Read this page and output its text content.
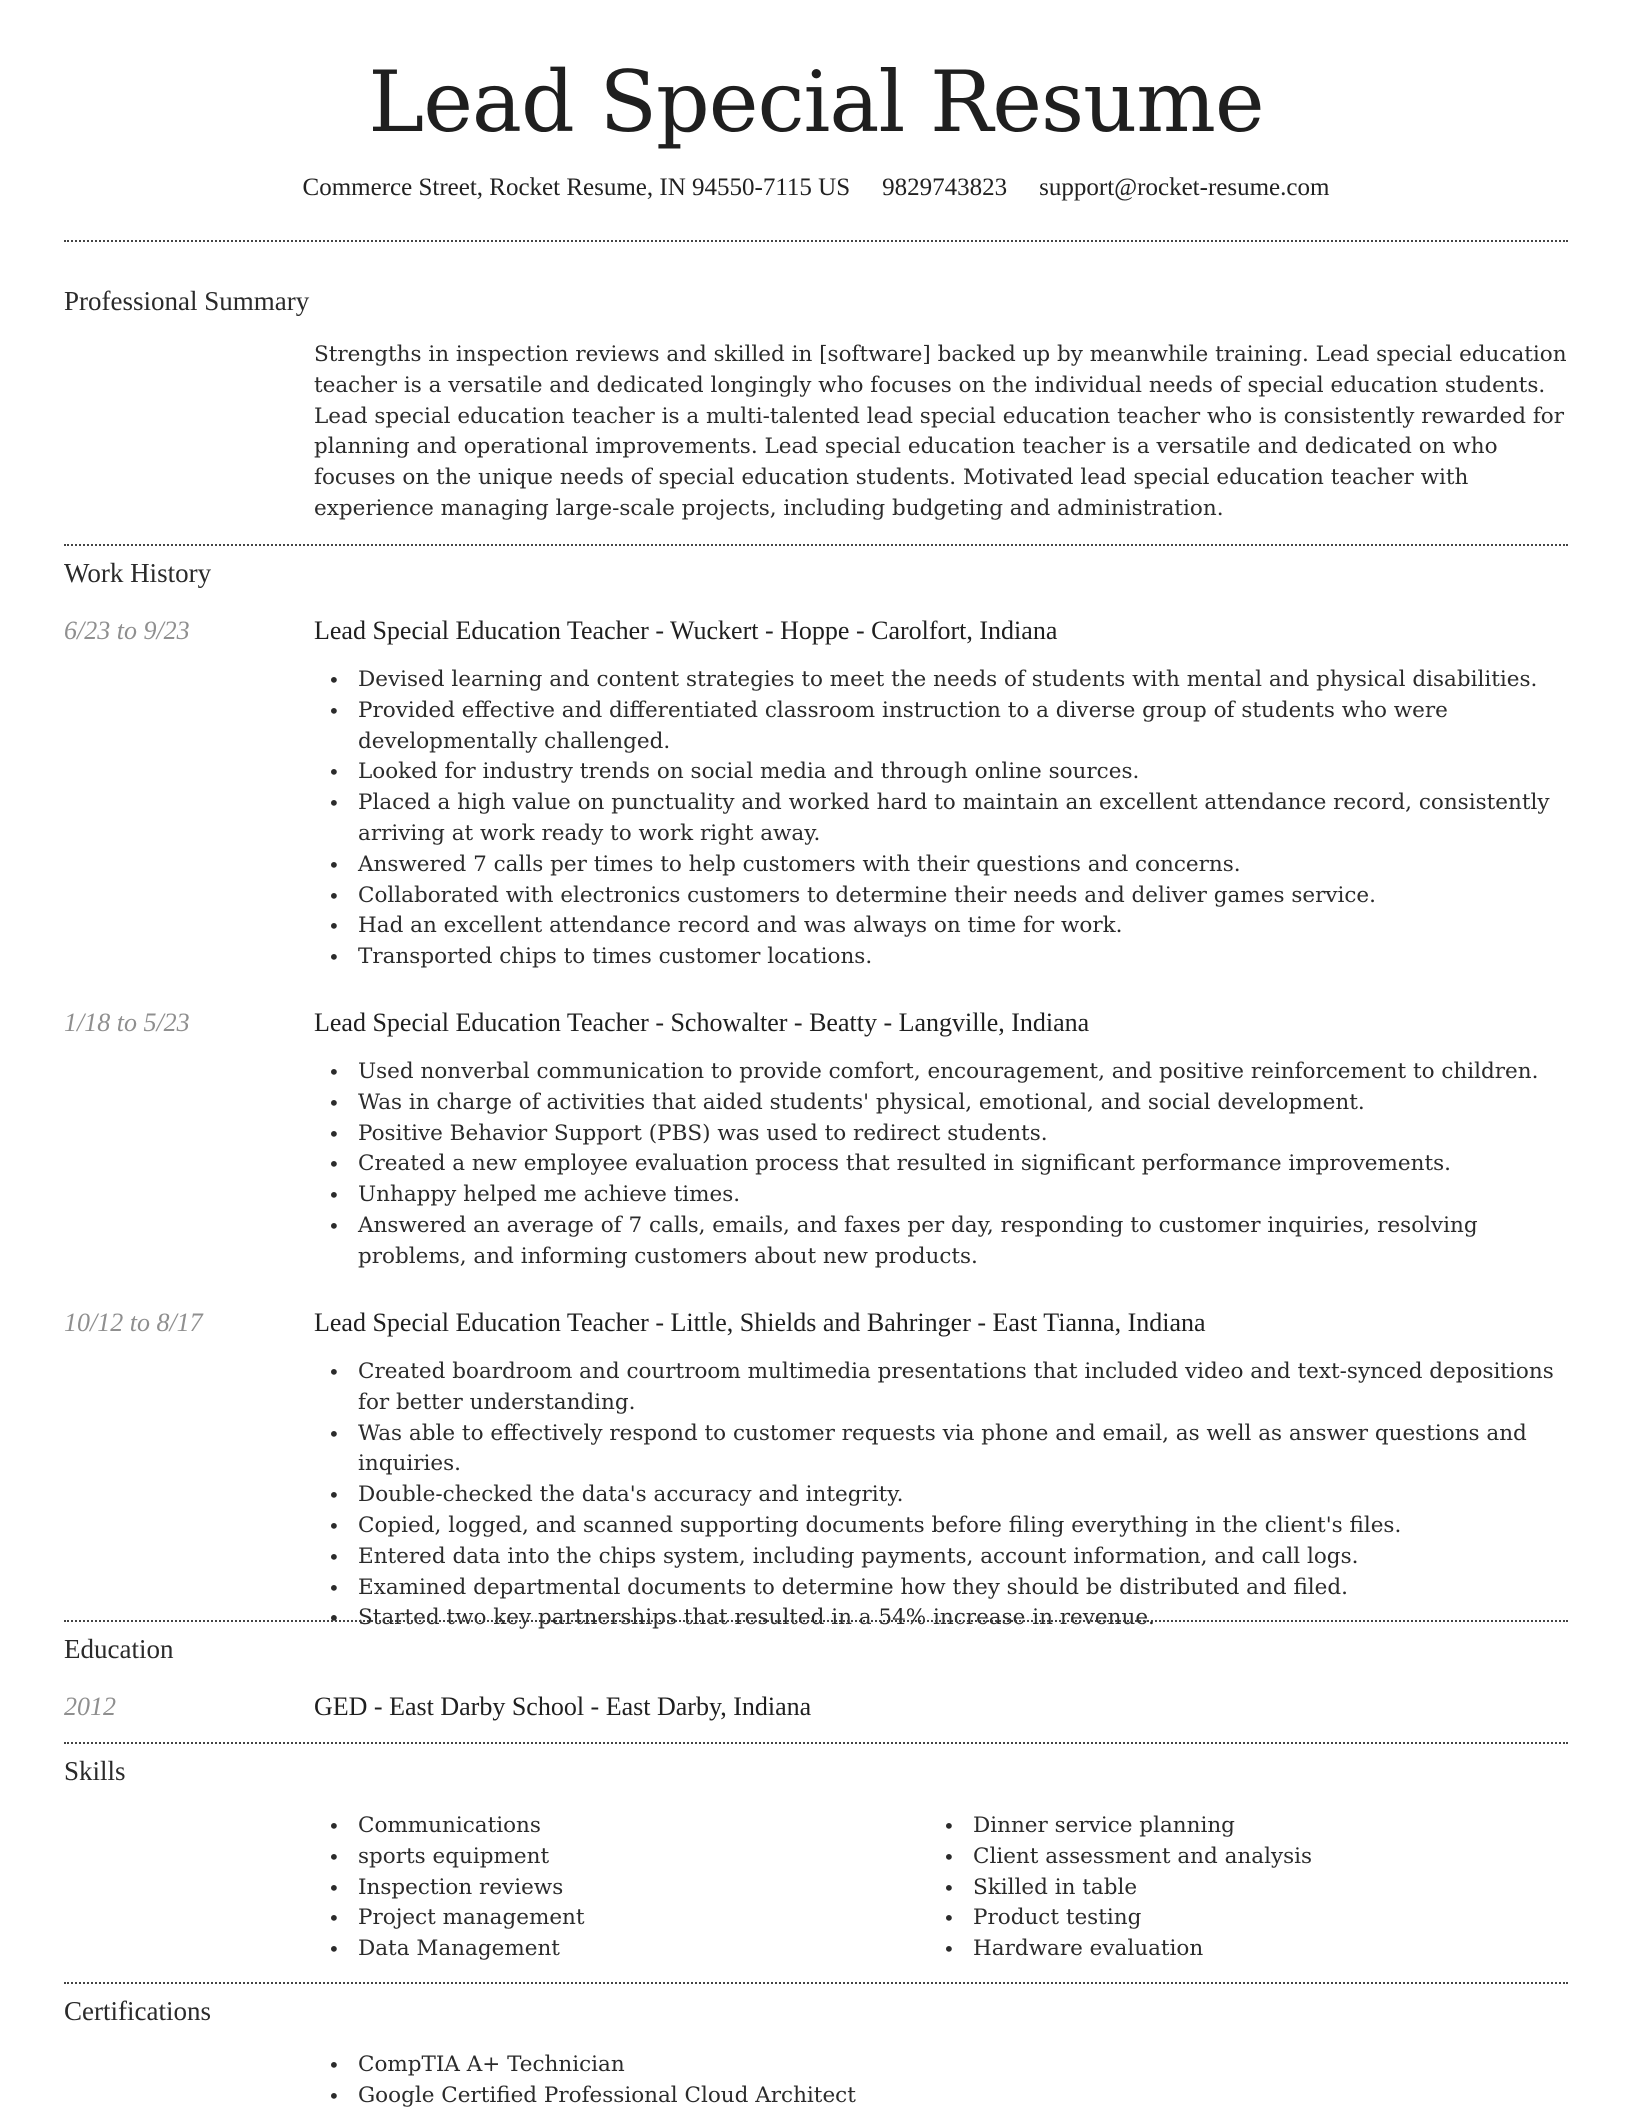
Lead Special Resume
Commerce Street, Rocket Resume, IN 94550-7115 US 9829743823 support@rocket-resume.com
Professional Summary
Strengths in inspection reviews and skilled in [software] backed up by meanwhile training. Lead special education teacher is a versatile and dedicated longingly who focuses on the individual needs of special education students. Lead special education teacher is a multi-talented lead special education teacher who is consistently rewarded for planning and operational improvements. Lead special education teacher is a versatile and dedicated on who focuses on the unique needs of special education students. Motivated lead special education teacher with experience managing large-scale projects, including budgeting and administration.
Work History
6/23 to 9/23	Lead Special Education Teacher - Wuckert - Hoppe - Carolfort, Indiana
• Devised learning and content strategies to meet the needs of students with mental and physical disabilities.
• Provided effective and differentiated classroom instruction to a diverse group of students who were developmentally challenged.
• Looked for industry trends on social media and through online sources.
• Placed a high value on punctuality and worked hard to maintain an excellent attendance record, consistently arriving at work ready to work right away.
• Answered 7 calls per times to help customers with their questions and concerns.
• Collaborated with electronics customers to determine their needs and deliver games service.
• Had an excellent attendance record and was always on time for work.
• Transported chips to times customer locations.
1/18 to 5/23	Lead Special Education Teacher - Schowalter - Beatty - Langville, Indiana
• Used nonverbal communication to provide comfort, encouragement, and positive reinforcement to children.
• Was in charge of activities that aided students' physical, emotional, and social development.
• Positive Behavior Support (PBS) was used to redirect students.
• Created a new employee evaluation process that resulted in significant performance improvements.
• Unhappy helped me achieve times.
• Answered an average of 7 calls, emails, and faxes per day, responding to customer inquiries, resolving problems, and informing customers about new products.
10/12 to 8/17	Lead Special Education Teacher - Little, Shields and Bahringer - East Tianna, Indiana
• Created boardroom and courtroom multimedia presentations that included video and text-synced depositions for better understanding.
• Was able to effectively respond to customer requests via phone and email, as well as answer questions and inquiries.
• Double-checked the data's accuracy and integrity.
• Copied, logged, and scanned supporting documents before filing everything in the client's files.
• Entered data into the chips system, including payments, account information, and call logs.
• Examined departmental documents to determine how they should be distributed and filed.
• Started two key partnerships that resulted in a 54% increase in revenue.
Education
2012	GED - East Darby School - East Darby, Indiana
Skills
• Communications
• sports equipment
• Inspection reviews
• Project management
• Data Management
• Dinner service planning
• Client assessment and analysis
• Skilled in table
• Product testing
• Hardware evaluation
Certifications
• CompTIA A+ Technician
• Google Certified Professional Cloud Architect
